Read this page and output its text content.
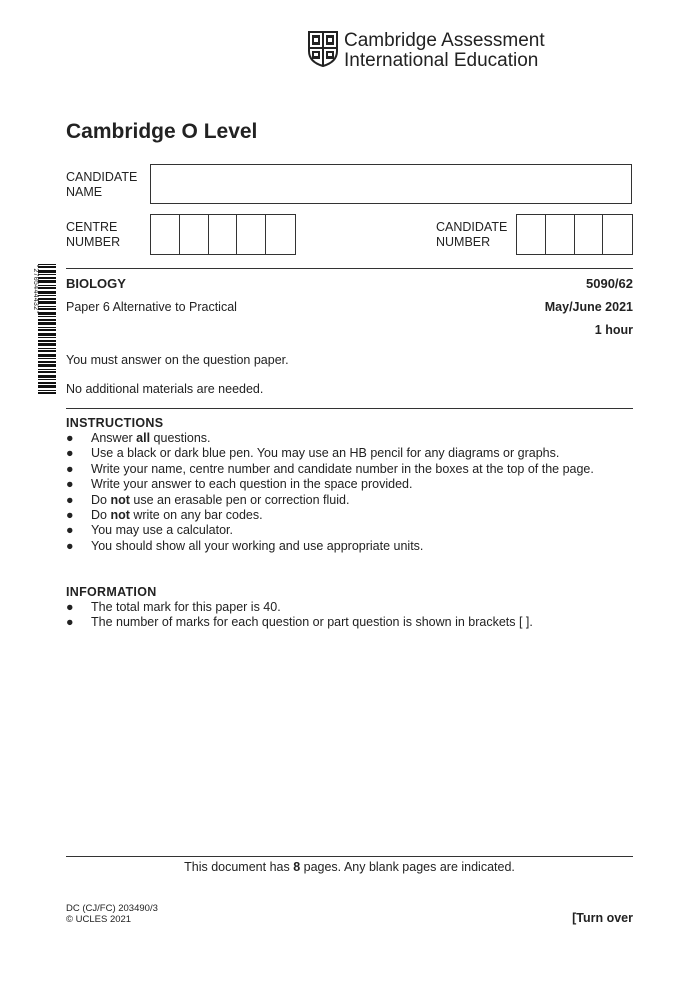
Cambridge Assessment
International Education
Cambridge O Level
CANDIDATE
NAME
CENTRE
NUMBER
CANDIDATE
NUMBER
*2705444432* BIOLOGY	5090/62
Paper 6 Alternative to Practical	May/June 2021
1 hour
You must answer on the question paper.
No additional materials are needed.
INSTRUCTIONS
● Answer all questions.
● Use a black or dark blue pen. You may use an HB pencil for any diagrams or graphs.
● Write your name, centre number and candidate number in the boxes at the top of the page.
● Write your answer to each question in the space provided.
● Do not use an erasable pen or correction fluid.
● Do not write on any bar codes.
● You may use a calculator.
● You should show all your working and use appropriate units.
INFORMATION
● The total mark for this paper is 40.
● The number of marks for each question or part question is shown in brackets [ ].
This document has 8 pages. Any blank pages are indicated.
DC (CJ/FC) 203490/3
© UCLES 2021	[Turn over
